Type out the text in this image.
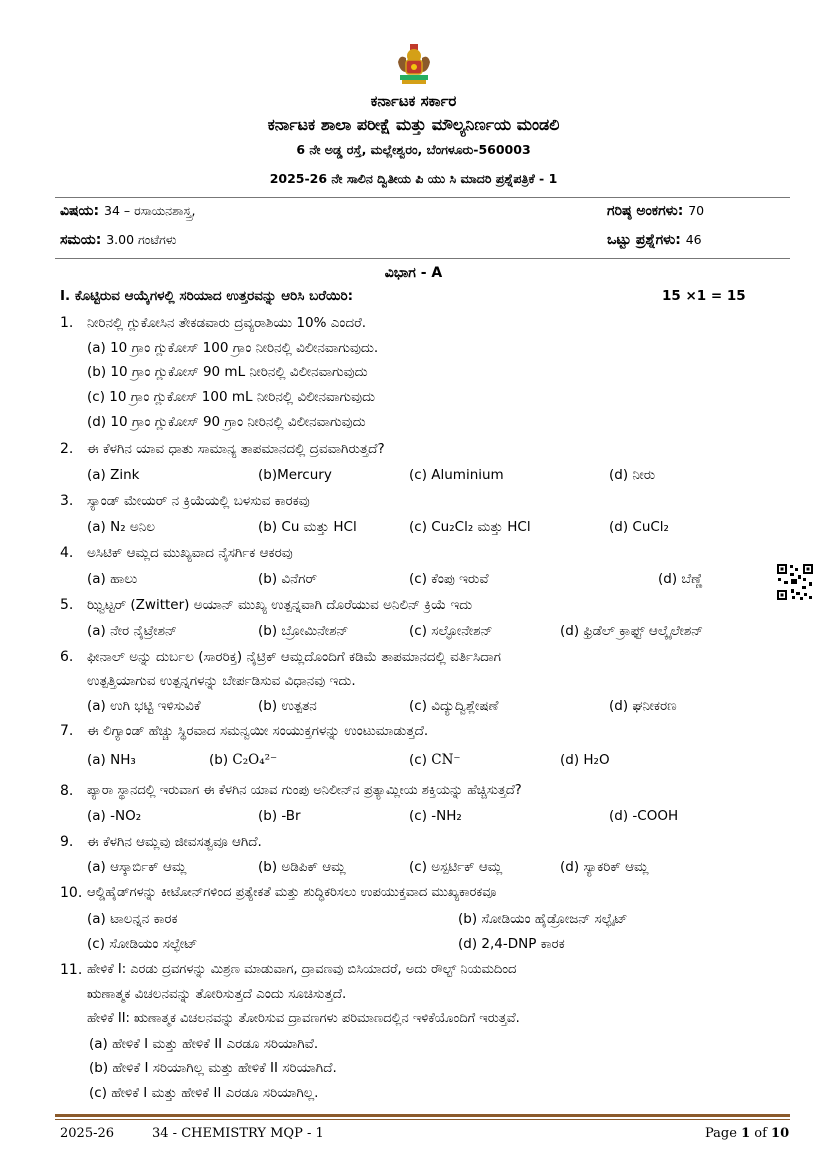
ಕರ್ನಾಟಕ ಸರ್ಕಾರ
ಕರ್ನಾಟಕ ಶಾಲಾ ಪರೀಕ್ಷೆ ಮತ್ತು ಮೌಲ್ಯನಿರ್ಣಯ ಮಂಡಲಿ
6 ನೇ ಅಡ್ಡ ರಸ್ತೆ, ಮಲ್ಲೇಶ್ವರಂ, ಬೆಂಗಳೂರು-560003
2025-26 ನೇ ಸಾಲಿನ ದ್ವಿತೀಯ ಪಿ ಯು ಸಿ ಮಾದರಿ ಪ್ರಶ್ನೆಪತ್ರಿಕೆ - 1
ವಿಷಯ: 34 – ರಸಾಯನಶಾಸ್ತ್ರ,	ಗರಿಷ್ಠ ಅಂಕಗಳು: 70
ಸಮಯ: 3.00 ಗಂಟೆಗಳು	ಒಟ್ಟು ಪ್ರಶ್ನೆಗಳು: 46
ವಿಭಾಗ - A
I. ಕೊಟ್ಟಿರುವ ಆಯ್ಕೆಗಳಲ್ಲಿ ಸರಿಯಾದ ಉತ್ತರವನ್ನು ಆರಿಸಿ ಬರೆಯಿರಿ:	15 ×1 = 15
1. ನೀರಿನಲ್ಲಿ ಗ್ಲುಕೋಸಿನ ತೇಕಡವಾರು ದ್ರವ್ಯರಾಶಿಯು 10% ಎಂದರೆ.
(a) 10 ಗ್ರಾಂ ಗ್ಲುಕೋಸ್ 100 ಗ್ರಾಂ ನೀರಿನಲ್ಲಿ ವಿಲೀನವಾಗುವುದು.
(b) 10 ಗ್ರಾಂ ಗ್ಲುಕೋಸ್ 90 mL ನೀರಿನಲ್ಲಿ ವಿಲೀನವಾಗುವುದು
(c) 10 ಗ್ರಾಂ ಗ್ಲುಕೋಸ್ 100 mL ನೀರಿನಲ್ಲಿ ವಿಲೀನವಾಗುವುದು
(d) 10 ಗ್ರಾಂ ಗ್ಲುಕೋಸ್ 90 ಗ್ರಾಂ ನೀರಿನಲ್ಲಿ ವಿಲೀನವಾಗುವುದು
2. ಈ ಕೆಳಗಿನ ಯಾವ ಧಾತು ಸಾಮಾನ್ಯ ತಾಪಮಾನದಲ್ಲಿ ದ್ರವವಾಗಿರುತ್ತದೆ?
(a) Zink	(b)Mercury	(c) Aluminium	(d) ನೀರು
3. ಸ್ಯಾಂಡ್ ಮೇಯರ್ ನ ಕ್ರಿಯೆಯಲ್ಲಿ ಬಳಸುವ ಕಾರಕವು
(a) N₂ ಅನಿಲ	(b) Cu ಮತ್ತು HCl	(c) Cu₂Cl₂ ಮತ್ತು HCl	(d) CuCl₂
4. ಅಸಿಟಿಕ್ ಆಮ್ಲದ ಮುಖ್ಯವಾದ ನೈಸರ್ಗಿಕ ಆಕರವು
(a) ಹಾಲು	(b) ವಿನೆಗರ್	(c) ಕೆಂಪು ಇರುವೆ	(d) ಬೆಣ್ಣೆ
5. ಝ್ವಿಟ್ಟರ್ (Zwitter) ಅಯಾನ್ ಮುಖ್ಯ ಉತ್ಪನ್ನವಾಗಿ ದೊರೆಯುವ ಅನಿಲಿನ್ ಕ್ರಿಯೆ ಇದು
(a) ನೇರ ನೈಟ್ರೇಶನ್	(b) ಬ್ರೋಮಿನೇಶನ್	(c) ಸಲ್ಫೋನೇಶನ್	(d) ಫ್ರಿಡೆಲ್ ಕ್ರಾಫ್ಟ್ ಆಲ್ಕೈಲೇಶನ್
6. ಫೀನಾಲ್ ಅನ್ನು ದುರ್ಬಲ (ಸಾರರಿಕ್ತ) ನೈಟ್ರಿಕ್ ಆಮ್ಲದೊಂದಿಗೆ ಕಡಿಮೆ ತಾಪಮಾನದಲ್ಲಿ ವರ್ತಿಸಿದಾಗ
ಉತ್ಪತ್ತಿಯಾಗುವ ಉತ್ಪನ್ನಗಳನ್ನು ಬೇರ್ಪಡಿಸುವ ವಿಧಾನವು ಇದು.
(a) ಉಗಿ ಭಟ್ಟಿ ಇಳಿಸುವಿಕೆ	(b) ಉತ್ಪತನ	(c) ವಿದ್ಯುದ್ವಿಶ್ಲೇಷಣೆ	(d) ಘನೀಕರಣ
7. ಈ ಲಿಗ್ಯಾಂಡ್ ಹೆಚ್ಚು ಸ್ಥಿರವಾದ ಸಮನ್ವಯೀ ಸಂಯುಕ್ತಗಳನ್ನು ಉಂಟುಮಾಡುತ್ತದೆ.
(a) NH₃	(b) C₂O₄²⁻	(c) CN⁻	(d) H₂O
8. ಪ್ಯಾರಾ ಸ್ಥಾನದಲ್ಲಿ ಇರುವಾಗ ಈ ಕೆಳಗಿನ ಯಾವ ಗುಂಪು ಅನಿಲೀನ್‌ನ ಪ್ರತ್ಯಾಮ್ಲೀಯ ಶಕ್ತಿಯನ್ನು ಹೆಚ್ಚಿಸುತ್ತದೆ?
(a) -NO₂	(b) -Br	(c) -NH₂	(d) -COOH
9. ಈ ಕೆಳಗಿನ ಆಮ್ಲವು ಜೀವಸತ್ವವೂ ಆಗಿದೆ.
(a) ಆಸ್ಕಾರ್ಬಿಕ್ ಆಮ್ಲ	(b) ಅಡಿಪಿಕ್ ಆಮ್ಲ	(c) ಅಸ್ಪರ್ಟಿಕ್ ಆಮ್ಲ	(d) ಸ್ಯಾಕರಿಕ್ ಆಮ್ಲ
10. ಆಲ್ಡಿಹೈಡ್‌ಗಳನ್ನು ಕೀಟೋನ್‌ಗಳಿಂದ ಪ್ರತ್ಯೇಕತೆ ಮತ್ತು ಶುದ್ಧಿಕರಿಸಲು ಉಪಯುಕ್ತವಾದ ಮುಖ್ಯಕಾರಕವೂ
(a) ಟಾಲನ್ನನ ಕಾರಕ	(b) ಸೋಡಿಯಂ ಹೈಡ್ರೋಜನ್ ಸಲ್ಫೈಟ್
(c) ಸೋಡಿಯಂ ಸಲ್ಫೇಟ್	(d) 2,4-DNP ಕಾರಕ
11. ಹೇಳಿಕೆ I: ಎರಡು ದ್ರವಗಳನ್ನು ಮಿಶ್ರಣ ಮಾಡುವಾಗ, ದ್ರಾವಣವು ಬಿಸಿಯಾದರೆ, ಅದು ರೌಲ್ಟ್ ನಿಯಮದಿಂದ
ಋಣಾತ್ಮಕ ವಿಚಲನವನ್ನು ತೋರಿಸುತ್ತದೆ ಎಂದು ಸೂಚಿಸುತ್ತದೆ.
ಹೇಳಿಕೆ II: ಋಣಾತ್ಮಕ ವಿಚಲನವನ್ನು ತೋರಿಸುವ ದ್ರಾವಣಗಳು ಪರಿಮಾಣದಲ್ಲಿನ ಇಳಿಕೆಯೊಂದಿಗೆ ಇರುತ್ತವೆ.
(a) ಹೇಳಿಕೆ I ಮತ್ತು ಹೇಳಿಕೆ II ಎರಡೂ ಸರಿಯಾಗಿವೆ.
(b) ಹೇಳಿಕೆ I ಸರಿಯಾಗಿಲ್ಲ ಮತ್ತು ಹೇಳಿಕೆ II ಸರಿಯಾಗಿದೆ.
(c) ಹೇಳಿಕೆ I ಮತ್ತು ಹೇಳಿಕೆ II ಎರಡೂ ಸರಿಯಾಗಿಲ್ಲ.
2025-26	34 - CHEMISTRY MQP - 1	Page 1 of 10
